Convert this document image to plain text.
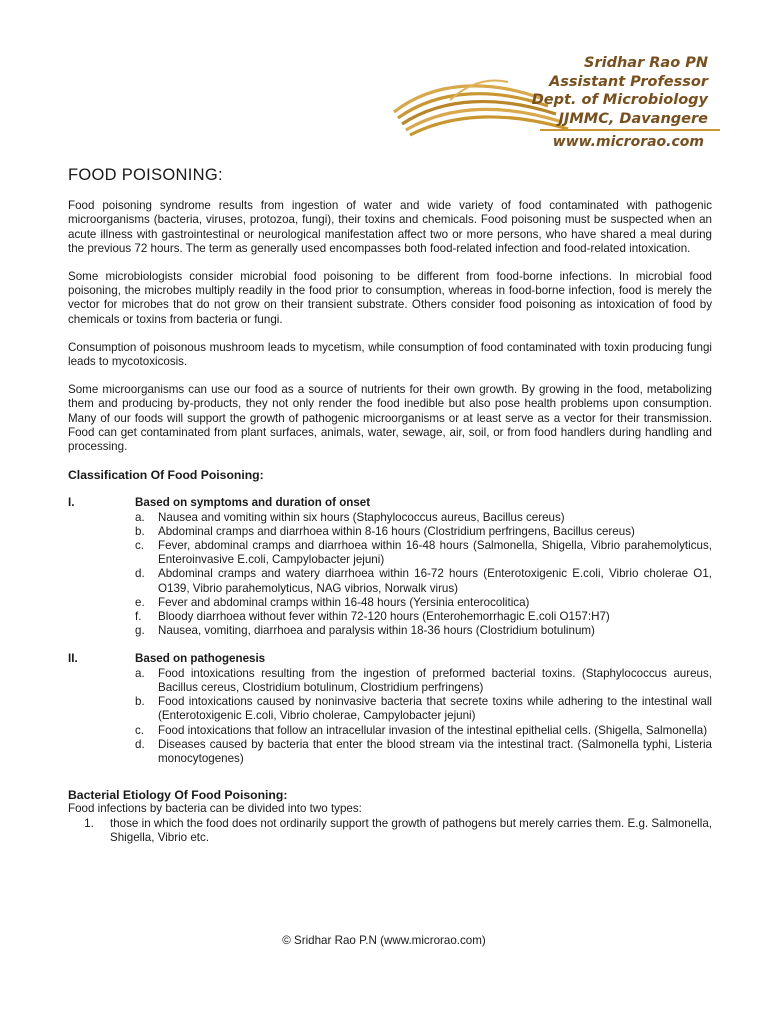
Sridhar Rao PN
Assistant Professor
Dept. of Microbiology
JJMMC, Davangere
www.microrao.com
FOOD POISONING:

Food poisoning syndrome results from ingestion of water and wide variety of food contaminated with pathogenic microorganisms (bacteria, viruses, protozoa, fungi), their toxins and chemicals. Food poisoning must be suspected when an acute illness with gastrointestinal or neurological manifestation affect two or more persons, who have shared a meal during the previous 72 hours. The term as generally used encompasses both food-related infection and food-related intoxication.

Some microbiologists consider microbial food poisoning to be different from food-borne infections. In microbial food poisoning, the microbes multiply readily in the food prior to consumption, whereas in food-borne infection, food is merely the vector for microbes that do not grow on their transient substrate. Others consider food poisoning as intoxication of food by chemicals or toxins from bacteria or fungi.

Consumption of poisonous mushroom leads to mycetism, while consumption of food contaminated with toxin producing fungi leads to mycotoxicosis.

Some microorganisms can use our food as a source of nutrients for their own growth. By growing in the food, metabolizing them and producing by-products, they not only render the food inedible but also pose health problems upon consumption. Many of our foods will support the growth of pathogenic microorganisms or at least serve as a vector for their transmission. Food can get contaminated from plant surfaces, animals, water, sewage, air, soil, or from food handlers during handling and processing.

Classification Of Food Poisoning:
I.	Based on symptoms and duration of onset
a.	Nausea and vomiting within six hours (Staphylococcus aureus, Bacillus cereus)
b.	Abdominal cramps and diarrhoea within 8-16 hours (Clostridium perfringens, Bacillus cereus)
c.	Fever, abdominal cramps and diarrhoea within 16-48 hours (Salmonella, Shigella, Vibrio parahemolyticus, Enteroinvasive E.coli, Campylobacter jejuni)
d.	Abdominal cramps and watery diarrhoea within 16-72 hours (Enterotoxigenic E.coli, Vibrio cholerae O1, O139, Vibrio parahemolyticus, NAG vibrios, Norwalk virus)
e.	Fever and abdominal cramps within 16-48 hours (Yersinia enterocolitica)
f.	Bloody diarrhoea without fever within 72-120 hours (Enterohemorrhagic E.coli O157:H7)
g.	Nausea, vomiting, diarrhoea and paralysis within 18-36 hours (Clostridium botulinum)
II.	Based on pathogenesis
a.	Food intoxications resulting from the ingestion of preformed bacterial toxins. (Staphylococcus aureus, Bacillus cereus, Clostridium botulinum, Clostridium perfringens)
b.	Food intoxications caused by noninvasive bacteria that secrete toxins while adhering to the intestinal wall (Enterotoxigenic E.coli, Vibrio cholerae, Campylobacter jejuni)
c.	Food intoxications that follow an intracellular invasion of the intestinal epithelial cells. (Shigella, Salmonella)
d.	Diseases caused by bacteria that enter the blood stream via the intestinal tract. (Salmonella typhi, Listeria monocytogenes)
Bacterial Etiology Of Food Poisoning:

Food infections by bacteria can be divided into two types:

1.	those in which the food does not ordinarily support the growth of pathogens but merely carries them. E.g. Salmonella, Shigella, Vibrio etc.
© Sridhar Rao P.N (www.microrao.com)
